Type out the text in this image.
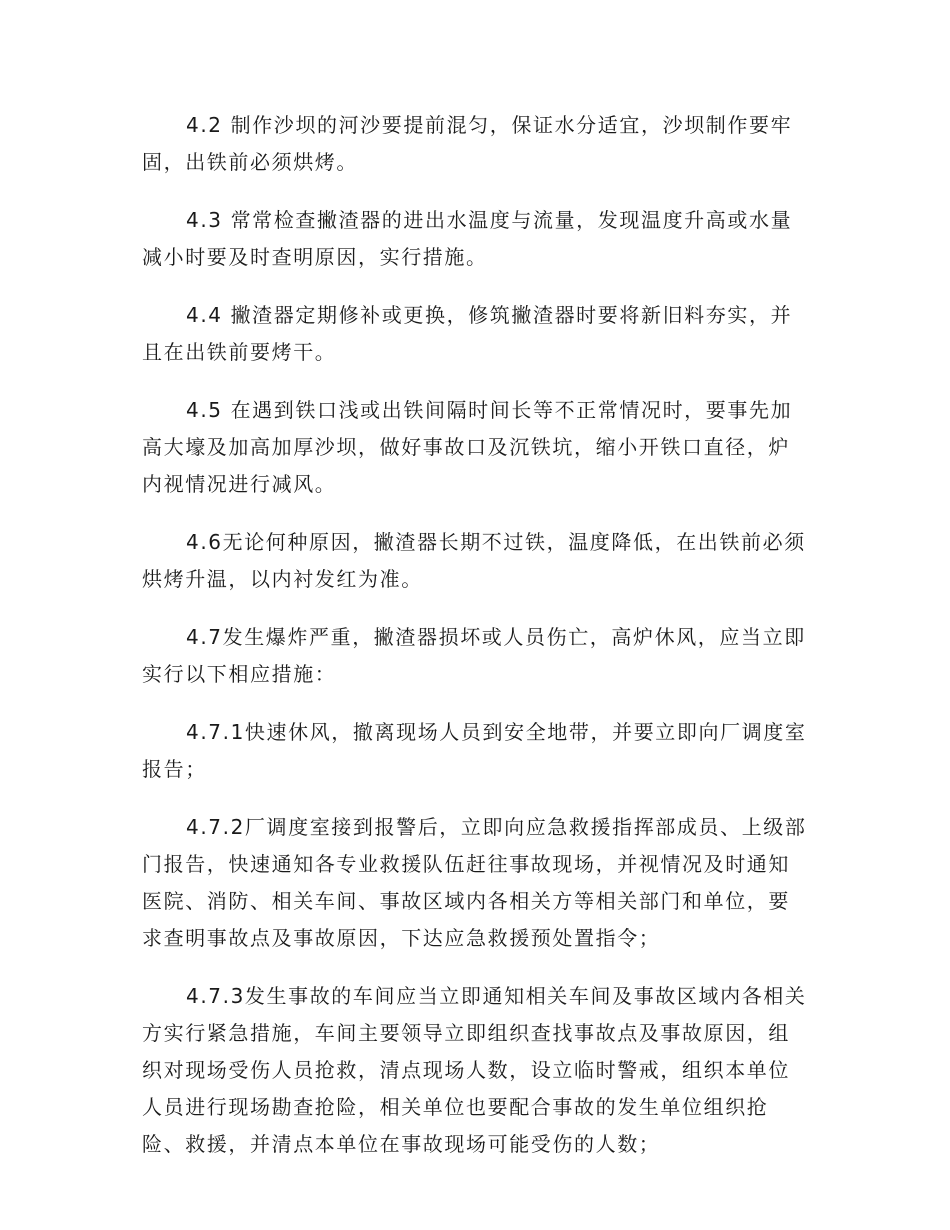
4.2 制作沙坝的河沙要提前混匀，保证水分适宜，沙坝制作要牢
固，出铁前必须烘烤。
4.3 常常检查撇渣器的进出水温度与流量，发现温度升高或水量
减小时要及时查明原因，实行措施。
4.4 撇渣器定期修补或更换，修筑撇渣器时要将新旧料夯实，并
且在出铁前要烤干。
4.5 在遇到铁口浅或出铁间隔时间长等不正常情况时，要事先加
高大壕及加高加厚沙坝，做好事故口及沉铁坑，缩小开铁口直径，炉
内视情况进行减风。
4.6无论何种原因，撇渣器长期不过铁，温度降低，在出铁前必须
烘烤升温，以内衬发红为准。
4.7发生爆炸严重，撇渣器损坏或人员伤亡，高炉休风，应当立即
实行以下相应措施：
4.7.1快速休风，撤离现场人员到安全地带，并要立即向厂调度室
报告；
4.7.2厂调度室接到报警后，立即向应急救援指挥部成员、上级部
门报告，快速通知各专业救援队伍赶往事故现场，并视情况及时通知
医院、消防、相关车间、事故区域内各相关方等相关部门和单位，要
求查明事故点及事故原因，下达应急救援预处置指令；
4.7.3发生事故的车间应当立即通知相关车间及事故区域内各相关
方实行紧急措施，车间主要领导立即组织查找事故点及事故原因，组
织对现场受伤人员抢救，清点现场人数，设立临时警戒，组织本单位
人员进行现场勘查抢险，相关单位也要配合事故的发生单位组织抢
险、救援，并清点本单位在事故现场可能受伤的人数；
